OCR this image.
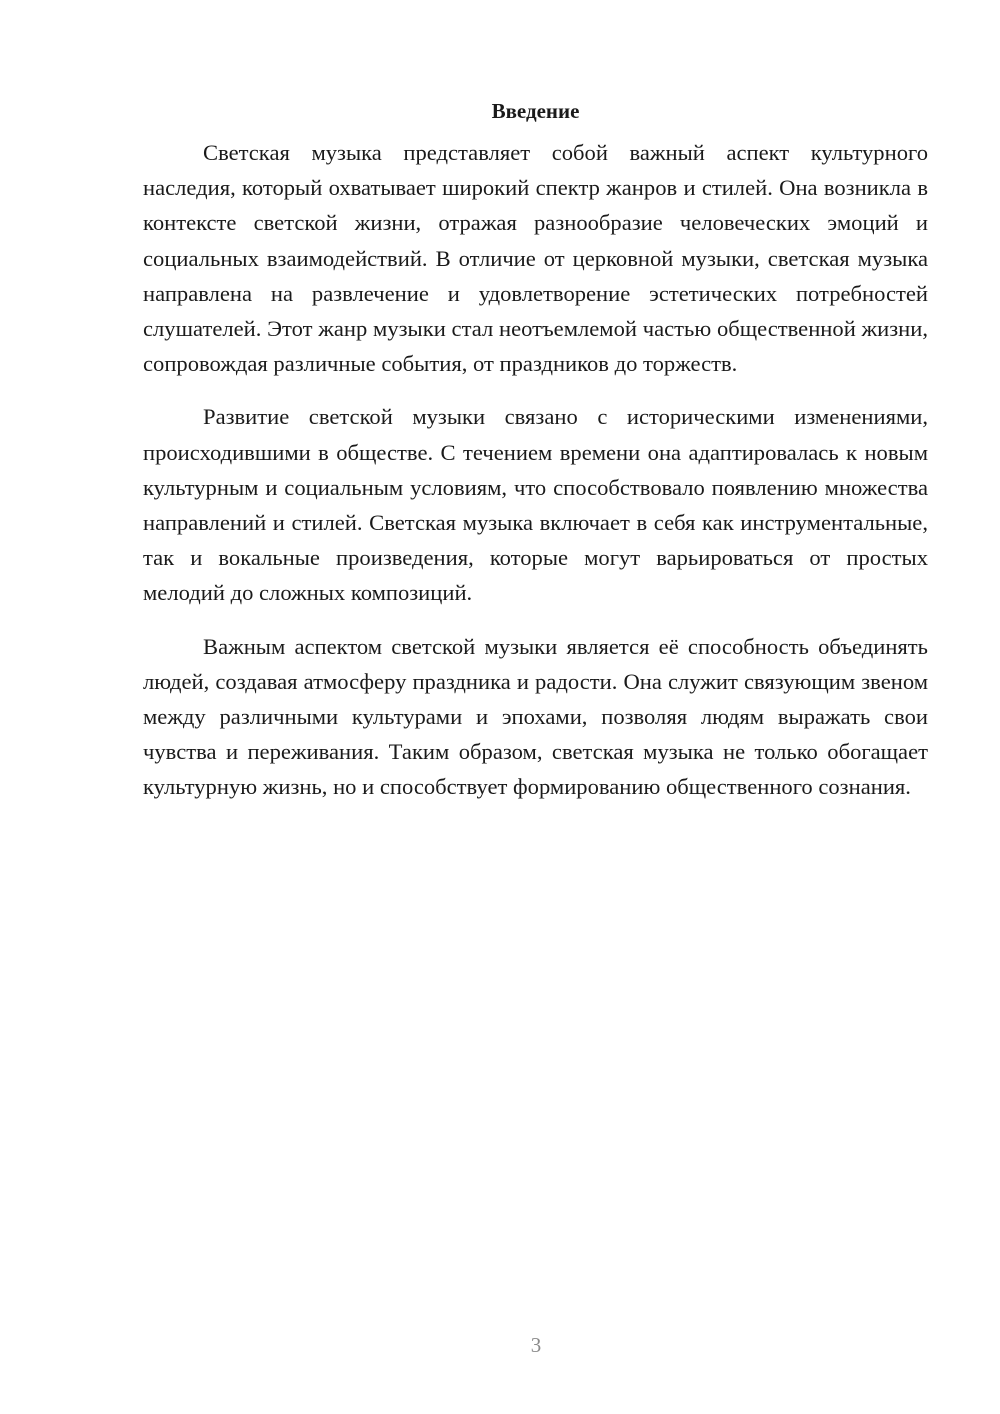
Введение

Светская музыка представляет собой важный аспект культурного наследия, который охватывает широкий спектр жанров и стилей. Она возникла в контексте светской жизни, отражая разнообразие человеческих эмоций и социальных взаимодействий. В отличие от церковной музыки, светская музыка направлена на развлечение и удовлетворение эстетических потребностей слушателей. Этот жанр музыки стал неотъемлемой частью общественной жизни, сопровождая различные события, от праздников до торжеств.

Развитие светской музыки связано с историческими изменениями, происходившими в обществе. С течением времени она адаптировалась к новым культурным и социальным условиям, что способствовало появлению множества направлений и стилей. Светская музыка включает в себя как инструментальные, так и вокальные произведения, которые могут варьироваться от простых мелодий до сложных композиций.

Важным аспектом светской музыки является её способность объединять людей, создавая атмосферу праздника и радости. Она служит связующим звеном между различными культурами и эпохами, позволяя людям выражать свои чувства и переживания. Таким образом, светская музыка не только обогащает культурную жизнь, но и способствует формированию общественного сознания.

3
